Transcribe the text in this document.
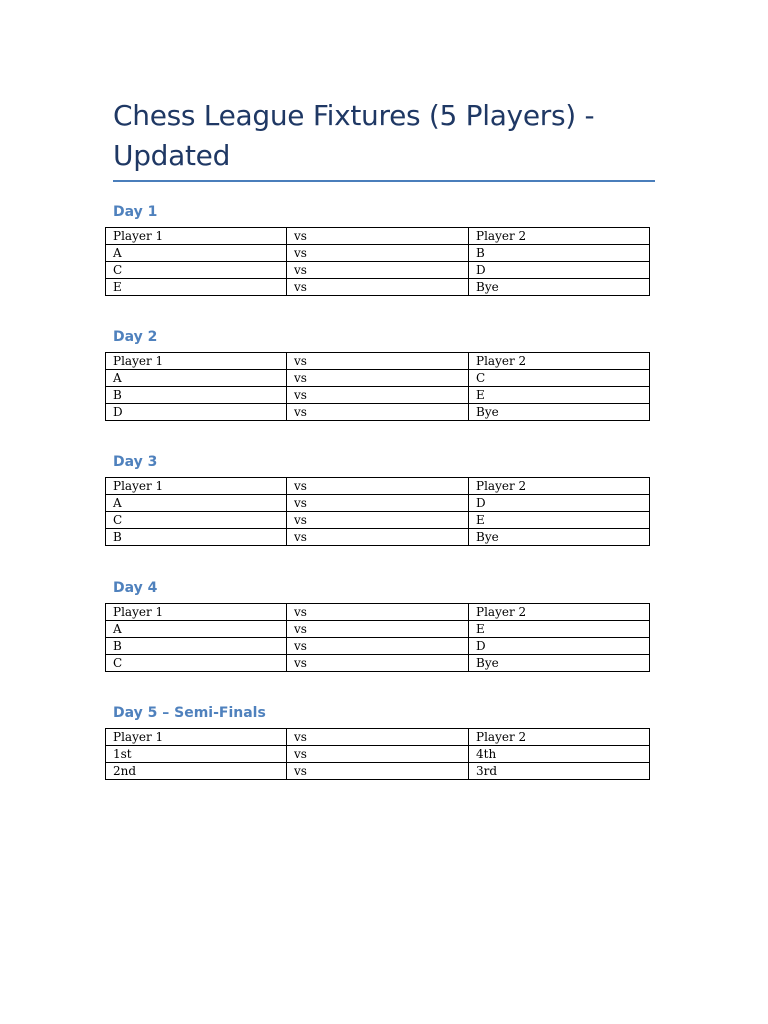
Chess League Fixtures (5 Players) - Updated
Day 1
Player 1	vs	Player 2
A	vs	B
C	vs	D
E	vs	Bye
Day 2
Player 1	vs	Player 2
A	vs	C
B	vs	E
D	vs	Bye
Day 3
Player 1	vs	Player 2
A	vs	D
C	vs	E
B	vs	Bye
Day 4
Player 1	vs	Player 2
A	vs	E
B	vs	D
C	vs	Bye
Day 5 – Semi-Finals
Player 1	vs	Player 2
1st	vs	4th
2nd	vs	3rd
